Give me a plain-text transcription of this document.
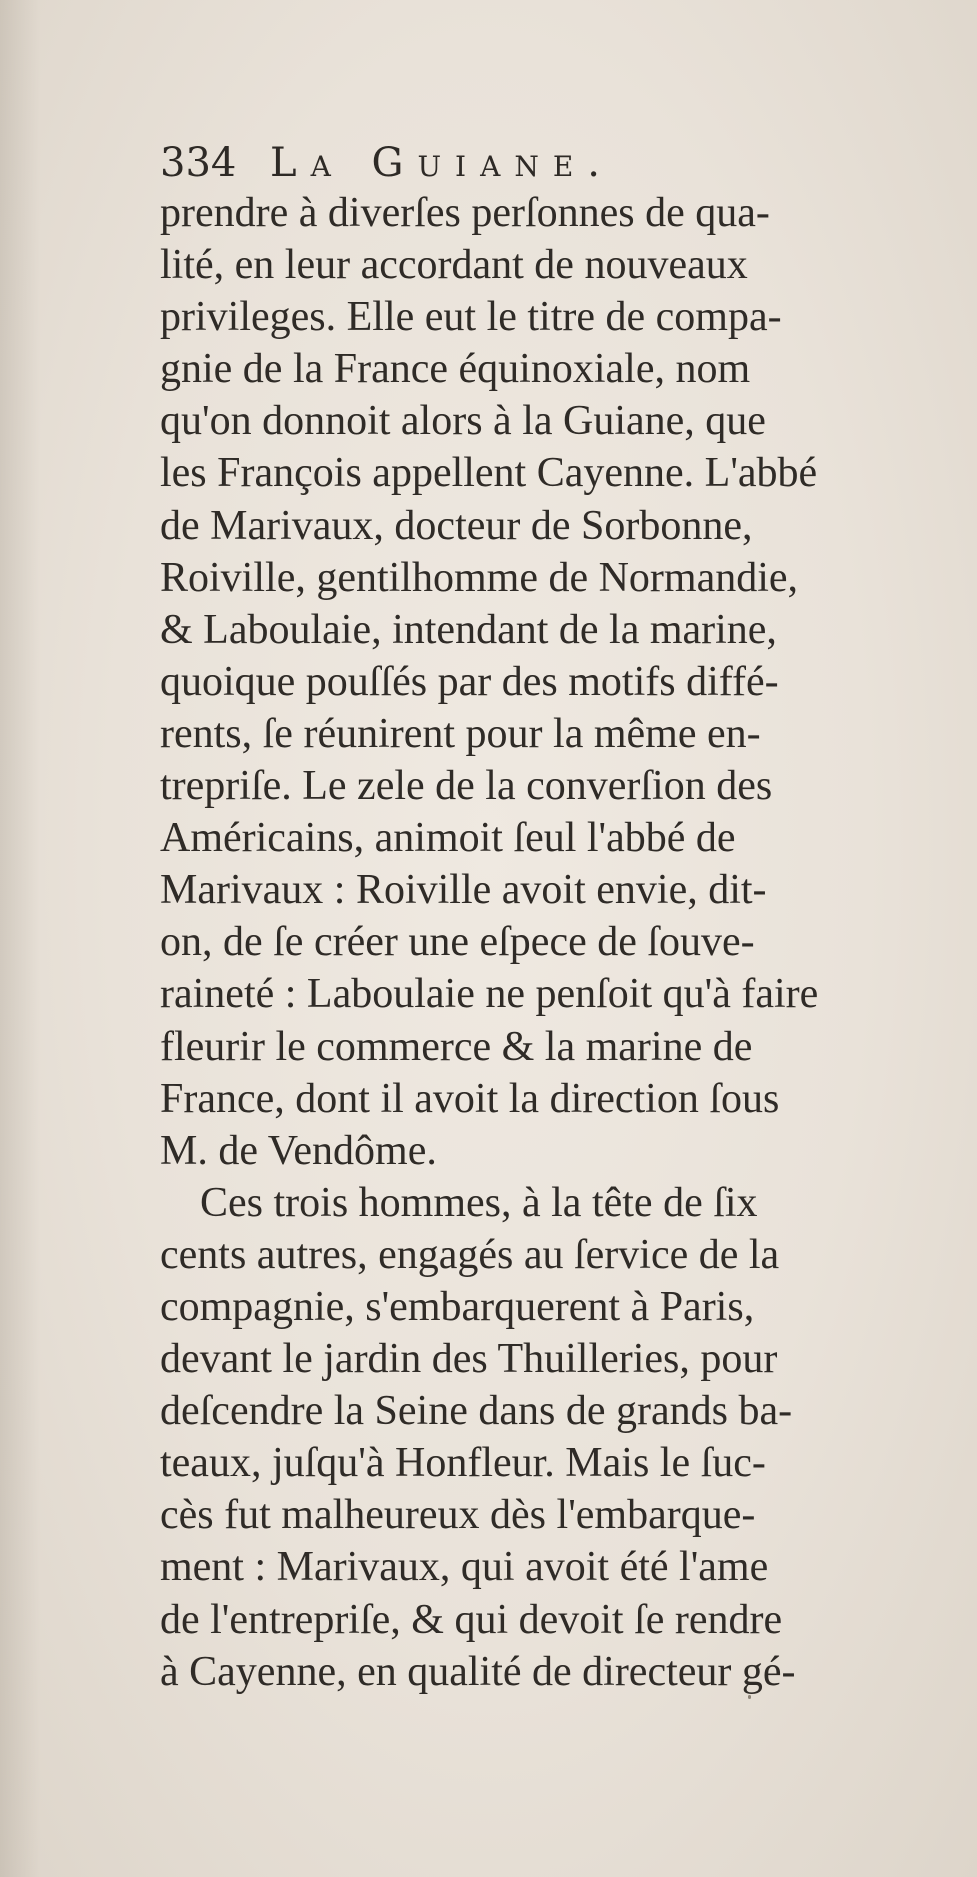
334 La Guiane.
prendre à diverſes perſonnes de qua-
lité, en leur accordant de nouveaux
privileges. Elle eut le titre de compa-
gnie de la France équinoxiale, nom
qu'on donnoit alors à la Guiane, que
les François appellent Cayenne. L'abbé
de Marivaux, docteur de Sorbonne,
Roiville, gentilhomme de Normandie,
& Laboulaie, intendant de la marine,
quoique pouſſés par des motifs diffé-
rents, ſe réunirent pour la même en-
trepriſe. Le zele de la converſion des
Américains, animoit ſeul l'abbé de
Marivaux : Roiville avoit envie, dit-
on, de ſe créer une eſpece de ſouve-
raineté : Laboulaie ne penſoit qu'à faire
fleurir le commerce & la marine de
France, dont il avoit la direction ſous
M. de Vendôme.
Ces trois hommes, à la tête de ſix
cents autres, engagés au ſervice de la
compagnie, s'embarquerent à Paris,
devant le jardin des Thuilleries, pour
deſcendre la Seine dans de grands ba-
teaux, juſqu'à Honfleur. Mais le ſuc-
cès fut malheureux dès l'embarque-
ment : Marivaux, qui avoit été l'ame
de l'entrepriſe, & qui devoit ſe rendre
à Cayenne, en qualité de directeur gé-
